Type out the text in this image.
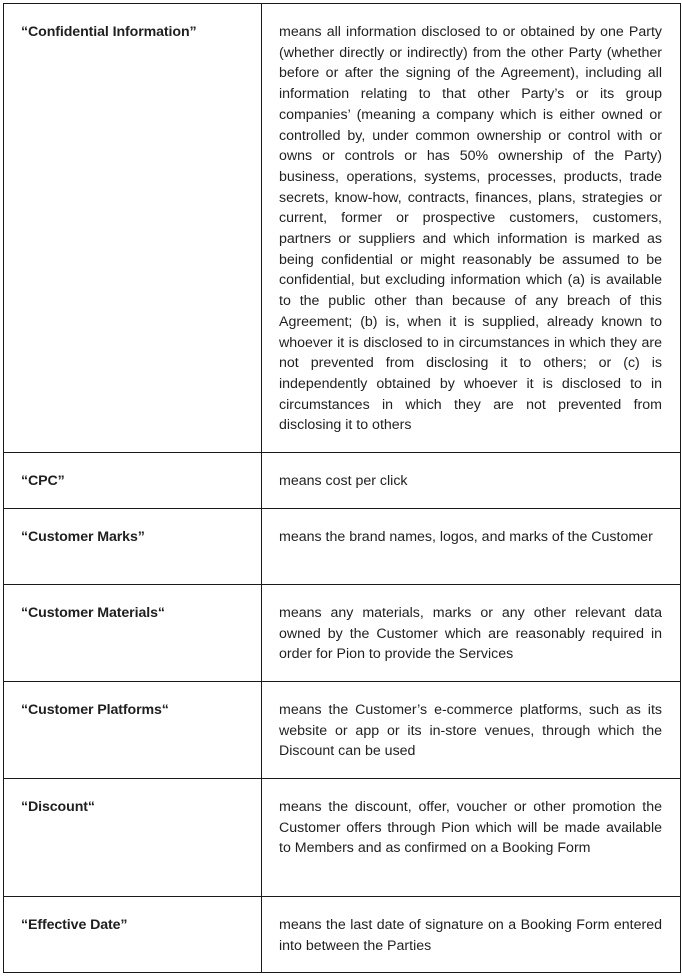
“Confidential Information”	means all information disclosed to or obtained by one Party (whether directly or indirectly) from the other Party (whether before or after the signing of the Agreement), including all information relating to that other Party’s or its group companies’ (meaning a company which is either owned or controlled by, under common ownership or control with or owns or controls or has 50% ownership of the Party) business, operations, systems, processes, products, trade secrets, know-how, contracts, finances, plans, strategies or current, former or prospective customers, customers, partners or suppliers and which information is marked as being confidential or might reasonably be assumed to be confidential, but excluding information which (a) is available to the public other than because of any breach of this Agreement; (b) is, when it is supplied, already known to whoever it is disclosed to in circumstances in which they are not prevented from disclosing it to others; or (c) is independently obtained by whoever it is disclosed to in circumstances in which they are not prevented from disclosing it to others
“CPC”	means cost per click
“Customer Marks”	means the brand names, logos, and marks of the Customer
“Customer Materials“	means any materials, marks or any other relevant data owned by the Customer which are reasonably required in order for Pion to provide the Services
“Customer Platforms“	means the Customer’s e-commerce platforms, such as its website or app or its in-store venues, through which the Discount can be used
“Discount“	means the discount, offer, voucher or other promotion the Customer offers through Pion which will be made available to Members and as confirmed on a Booking Form
“Effective Date”	means the last date of signature on a Booking Form entered into between the Parties
